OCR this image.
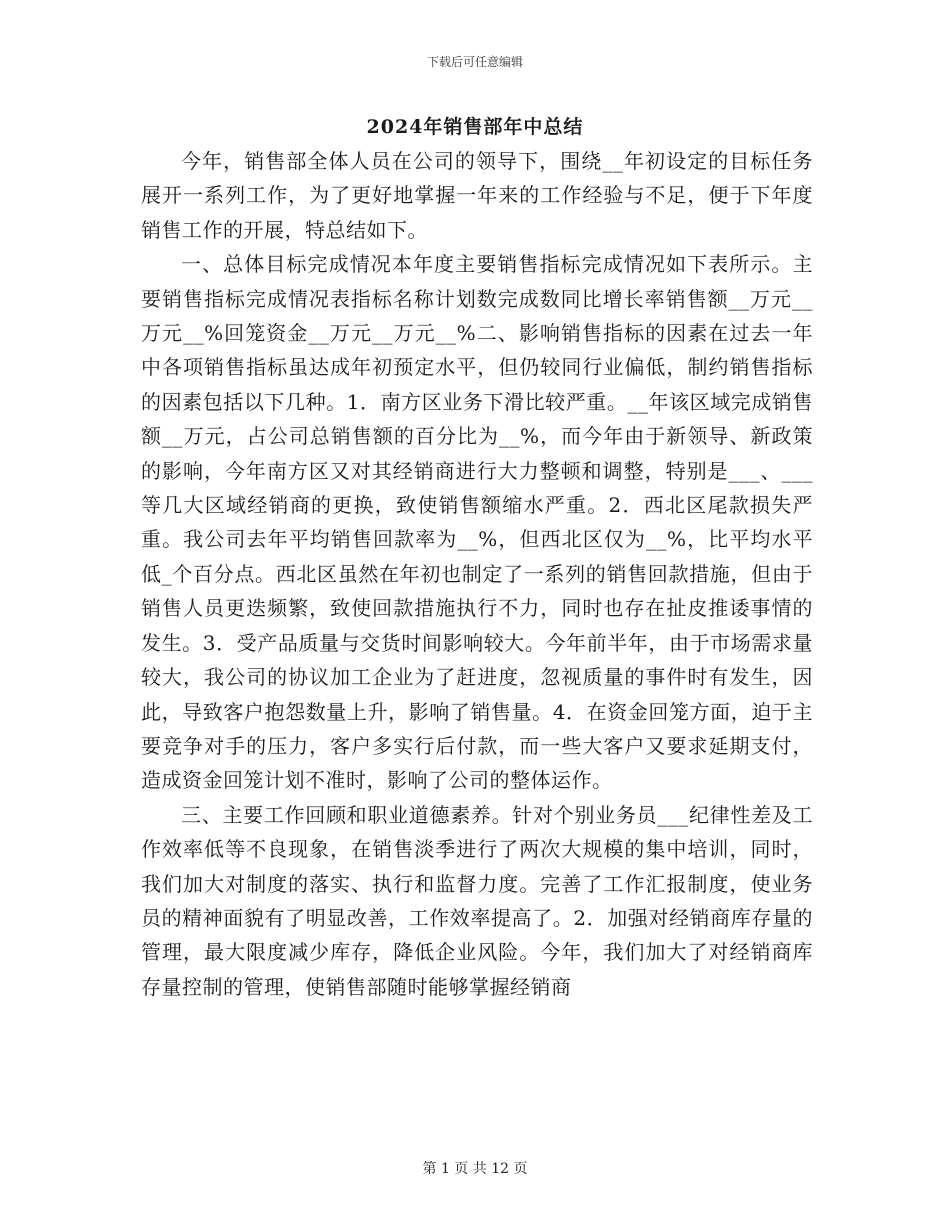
下载后可任意编辑
2024年销售部年中总结

今年，销售部全体人员在公司的领导下，围绕__年初设定的目标任务展开一系列工作，为了更好地掌握一年来的工作经验与不足，便于下年度销售工作的开展，特总结如下。

一、总体目标完成情况本年度主要销售指标完成情况如下表所示。主要销售指标完成情况表指标名称计划数完成数同比增长率销售额__万元__万元__%回笼资金__万元__万元__%二、影响销售指标的因素在过去一年中各项销售指标虽达成年初预定水平，但仍较同行业偏低，制约销售指标的因素包括以下几种。1．南方区业务下滑比较严重。__年该区域完成销售额__万元，占公司总销售额的百分比为__%，而今年由于新领导、新政策的影响，今年南方区又对其经销商进行大力整顿和调整，特别是___、___等几大区域经销商的更换，致使销售额缩水严重。2．西北区尾款损失严重。我公司去年平均销售回款率为__%，但西北区仅为__%，比平均水平低_个百分点。西北区虽然在年初也制定了一系列的销售回款措施，但由于销售人员更迭频繁，致使回款措施执行不力，同时也存在扯皮推诿事情的发生。3．受产品质量与交货时间影响较大。今年前半年，由于市场需求量较大，我公司的协议加工企业为了赶进度，忽视质量的事件时有发生，因此，导致客户抱怨数量上升，影响了销售量。4．在资金回笼方面，迫于主要竞争对手的压力，客户多实行后付款，而一些大客户又要求延期支付，造成资金回笼计划不准时，影响了公司的整体运作。

三、主要工作回顾和职业道德素养。针对个别业务员___纪律性差及工作效率低等不良现象，在销售淡季进行了两次大规模的集中培训，同时，我们加大对制度的落实、执行和监督力度。完善了工作汇报制度，使业务员的精神面貌有了明显改善，工作效率提高了。2．加强对经销商库存量的管理，最大限度减少库存，降低企业风险。今年，我们加大了对经销商库存量控制的管理，使销售部随时能够掌握经销商

第 1 页 共 12 页
